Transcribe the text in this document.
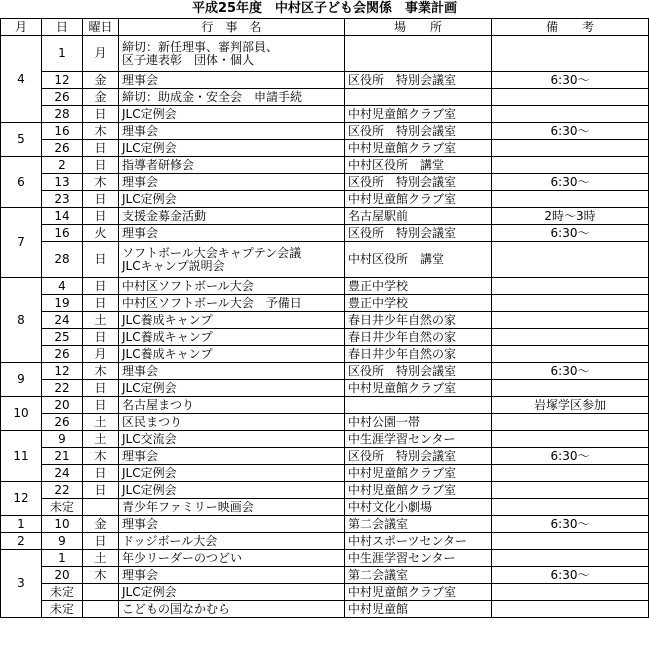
平成25年度　中村区子ども会関係　事業計画
月	日	曜日	行　事　名	場　　所	備　　考
4	1	月	締切：新任理事、審判部員、
区子連表彰　団体・個人		
	12	金	理事会	区役所　特別会議室	6:30～
	26	金	締切：助成金・安全会　申請手続		
	28	日	JLC定例会	中村児童館クラブ室	
5	16	木	理事会	区役所　特別会議室	6:30～
	26	日	JLC定例会	中村児童館クラブ室	
6	2	日	指導者研修会	中村区役所　講堂	
	13	木	理事会	区役所　特別会議室	6:30～
	23	日	JLC定例会	中村児童館クラブ室	
7	14	日	支援金募金活動	名古屋駅前	2時～3時
	16	火	理事会	区役所　特別会議室	6:30～
	28	日	ソフトボール大会キャプテン会議
JLCキャンプ説明会	中村区役所　講堂	
8	4	日	中村区ソフトボール大会	豊正中学校	
	19	日	中村区ソフトボール大会　予備日	豊正中学校	
	24	土	JLC養成キャンプ	春日井少年自然の家	
	25	日	JLC養成キャンプ	春日井少年自然の家	
	26	月	JLC養成キャンプ	春日井少年自然の家	
9	12	木	理事会	区役所　特別会議室	6:30～
	22	日	JLC定例会	中村児童館クラブ室	
10	20	日	名古屋まつり		岩塚学区参加
	26	土	区民まつり	中村公園一帯	
11	9	土	JLC交流会	中生涯学習センター	
	21	木	理事会	区役所　特別会議室	6:30～
	24	日	JLC定例会	中村児童館クラブ室	
12	22	日	JLC定例会	中村児童館クラブ室	
	未定		青少年ファミリー映画会	中村文化小劇場	
1	10	金	理事会	第二会議室	6:30～
2	9	日	ドッジボール大会	中村スポーツセンター	
3	1	土	年少リーダーのつどい	中生涯学習センター	
	20	木	理事会	第二会議室	6:30～
	未定		JLC定例会	中村児童館クラブ室	
	未定		こどもの国なかむら	中村児童館	
